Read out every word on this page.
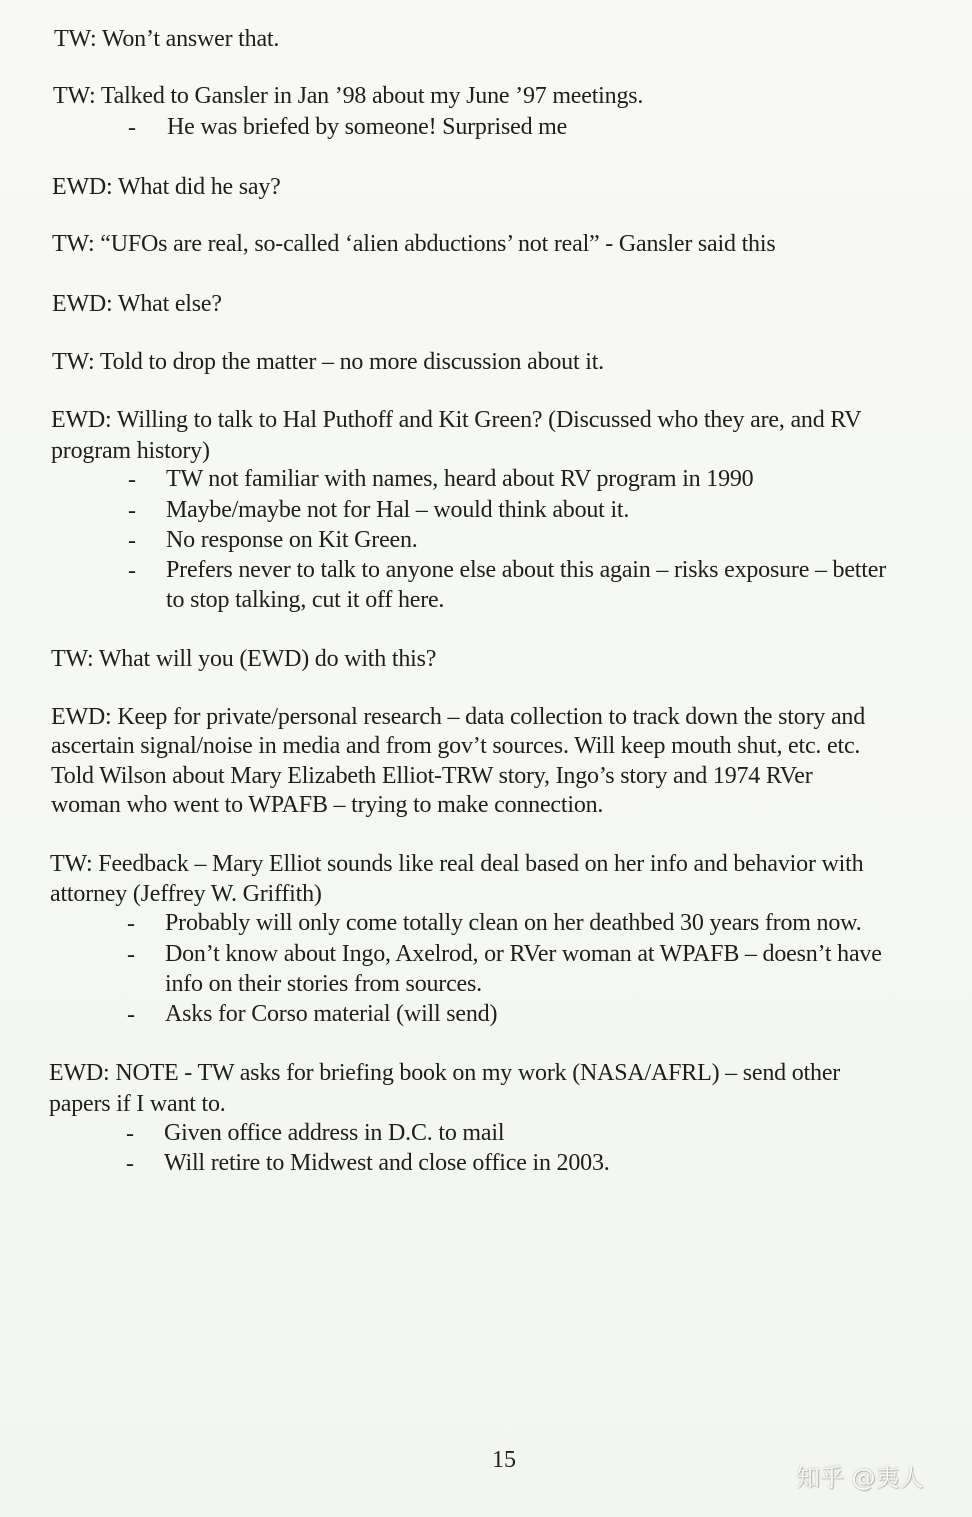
TW: Won’t answer that.
TW: Talked to Gansler in Jan ’98 about my June ’97 meetings.
- He was briefed by someone! Surprised me
EWD: What did he say?
TW: “UFOs are real, so-called ‘alien abductions’ not real” - Gansler said this
EWD: What else?
TW: Told to drop the matter – no more discussion about it.
EWD: Willing to talk to Hal Puthoff and Kit Green? (Discussed who they are, and RV
program history)
- TW not familiar with names, heard about RV program in 1990
- Maybe/maybe not for Hal – would think about it.
- No response on Kit Green.
- Prefers never to talk to anyone else about this again – risks exposure – better
to stop talking, cut it off here.
TW: What will you (EWD) do with this?
EWD: Keep for private/personal research – data collection to track down the story and
ascertain signal/noise in media and from gov’t sources. Will keep mouth shut, etc. etc.
Told Wilson about Mary Elizabeth Elliot-TRW story, Ingo’s story and 1974 RVer
woman who went to WPAFB – trying to make connection.
TW: Feedback – Mary Elliot sounds like real deal based on her info and behavior with
attorney (Jeffrey W. Griffith)
- Probably will only come totally clean on her deathbed 30 years from now.
- Don’t know about Ingo, Axelrod, or RVer woman at WPAFB – doesn’t have
info on their stories from sources.
- Asks for Corso material (will send)
EWD: NOTE - TW asks for briefing book on my work (NASA/AFRL) – send other
papers if I want to.
- Given office address in D.C. to mail
- Will retire to Midwest and close office in 2003.
15
知乎 @夷人
